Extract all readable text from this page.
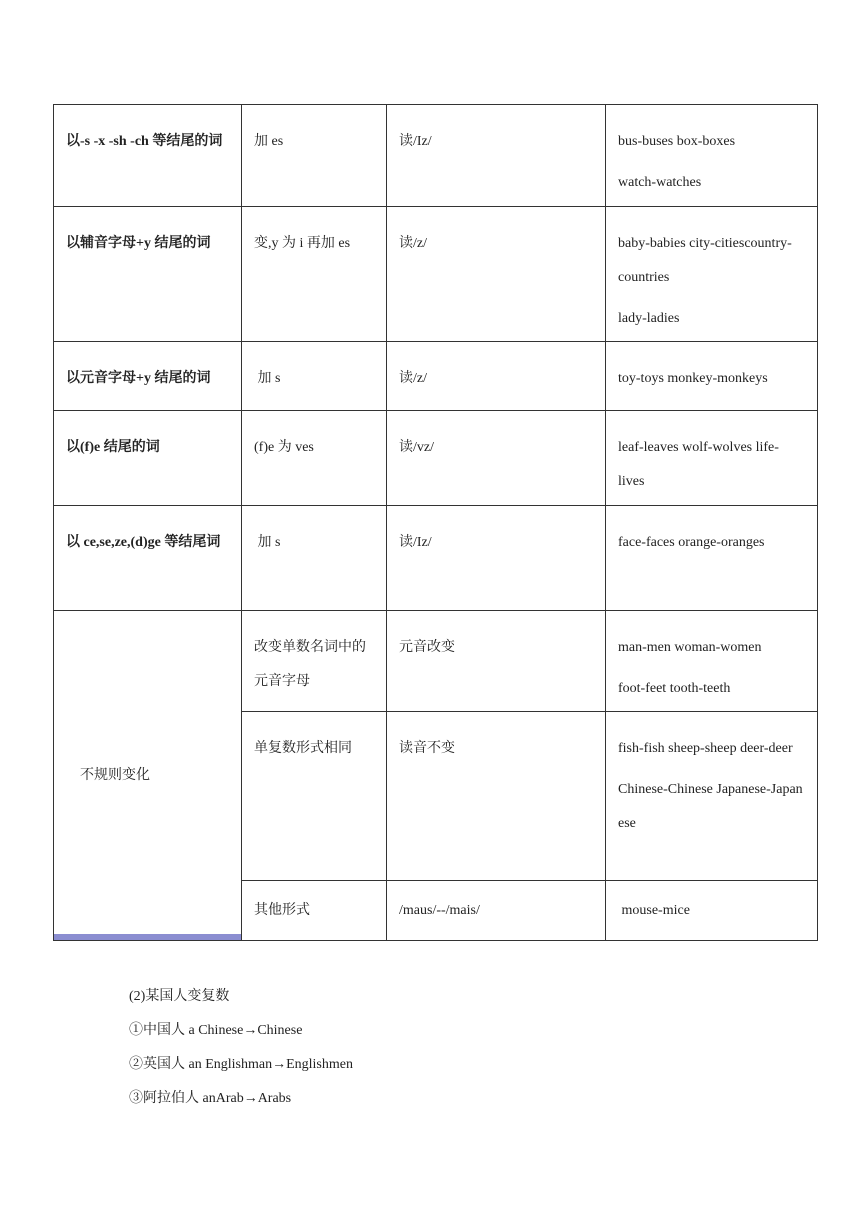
以-s -x -sh -ch 等结尾的词	加 es	读/Iz/	bus-buses box-boxes
watch-watches

以辅音字母+y 结尾的词	变,y 为 i 再加 es	读/z/	baby-babies city-citiescountry-countries
lady-ladies

以元音字母+y 结尾的词	加 s	读/z/	toy-toys monkey-monkeys

以(f)e 结尾的词	(f)e 为 ves	读/vz/	leaf-leaves wolf-wolves life-lives

以 ce,se,ze,(d)ge 等结尾词	加 s	读/Iz/	face-faces orange-oranges

不规则变化	改变单数名词中的元音字母	元音改变	man-men woman-women
foot-feet tooth-teeth

	单复数形式相同	读音不变	fish-fish sheep-sheep deer-deer
Chinese-Chinese Japanese-Japanese

	其他形式	/maus/--/mais/	mouse-mice
(2)某国人变复数
①中国人 a Chinese→Chinese
②英国人 an Englishman→Englishmen
③阿拉伯人 anArab→Arabs
